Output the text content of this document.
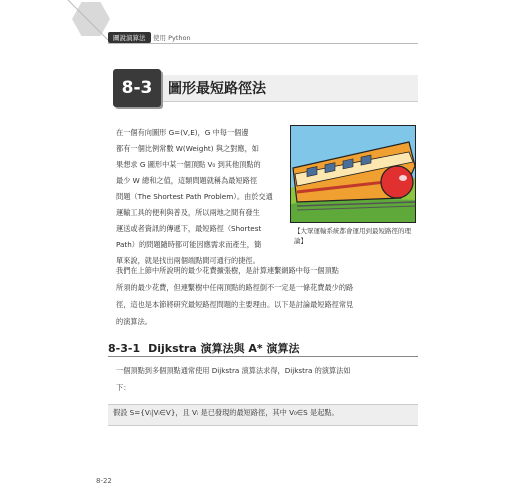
圖說演算法	使用 Python
8-3	圖形最短路徑法
在一個有向圖形 G=(V,E)，G 中每一個邊
都有一個比例常數 W(Weight) 與之對應，如
果想求 G 圖形中某一個頂點 V₀ 到其他頂點的
最少 W 總和之值，這類問題就稱為最短路徑
問題（The Shortest Path Problem）。由於交通
運輸工具的便利與普及，所以兩地之間有發生
運送或者資訊的傳遞下，最短路徑（Shortest
Path）的問題隨時都可能因應需求而產生，簡
單來說，就是找出兩個端點間可通行的捷徑。
【大眾運輸系統都會運用到最短路徑的理論】
我們在上節中所說明的最少花費擴張樹，是計算連繫網路中每一個頂點
所須的最少花費，但連繫樹中任兩頂點的路徑倒不一定是一條花費最少的路
徑，這也是本節將研究最短路徑問題的主要理由。以下是討論最短路徑常見
的演算法。
8-3-1 Dijkstra 演算法與 A* 演算法
一個頂點到多個頂點通常使用 Dijkstra 演算法求得，Dijkstra 的演算法如
下：
假設 S={Vᵢ|Vᵢ∈V}，且 Vᵢ 是已發現的最短路徑，其中 V₀∈S 是起點。
8-22
